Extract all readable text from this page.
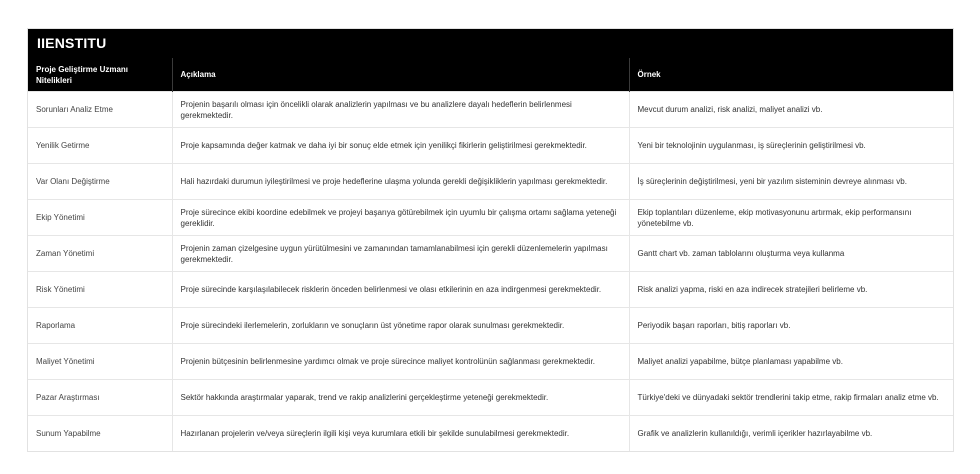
IIENSTITU
Proje Geliştirme Uzmanı Nitelikleri	Açıklama	Örnek
Sorunları Analiz Etme	Projenin başarılı olması için öncelikli olarak analizlerin yapılması ve bu analizlere dayalı hedeflerin belirlenmesi gerekmektedir.	Mevcut durum analizi, risk analizi, maliyet analizi vb.
Yenilik Getirme	Proje kapsamında değer katmak ve daha iyi bir sonuç elde etmek için yenilikçi fikirlerin geliştirilmesi gerekmektedir.	Yeni bir teknolojinin uygulanması, iş süreçlerinin geliştirilmesi vb.
Var Olanı Değiştirme	Hali hazırdaki durumun iyileştirilmesi ve proje hedeflerine ulaşma yolunda gerekli değişikliklerin yapılması gerekmektedir.	İş süreçlerinin değiştirilmesi, yeni bir yazılım sisteminin devreye alınması vb.
Ekip Yönetimi	Proje sürecince ekibi koordine edebilmek ve projeyi başarıya götürebilmek için uyumlu bir çalışma ortamı sağlama yeteneği gereklidir.	Ekip toplantıları düzenleme, ekip motivasyonunu artırmak, ekip performansını yönetebilme vb.
Zaman Yönetimi	Projenin zaman çizelgesine uygun yürütülmesini ve zamanından tamamlanabilmesi için gerekli düzenlemelerin yapılması gerekmektedir.	Gantt chart vb. zaman tablolarını oluşturma veya kullanma
Risk Yönetimi	Proje sürecinde karşılaşılabilecek risklerin önceden belirlenmesi ve olası etkilerinin en aza indirgenmesi gerekmektedir.	Risk analizi yapma, riski en aza indirecek stratejileri belirleme vb.
Raporlama	Proje sürecindeki ilerlemelerin, zorlukların ve sonuçların üst yönetime rapor olarak sunulması gerekmektedir.	Periyodik başarı raporları, bitiş raporları vb.
Maliyet Yönetimi	Projenin bütçesinin belirlenmesine yardımcı olmak ve proje sürecince maliyet kontrolünün sağlanması gerekmektedir.	Maliyet analizi yapabilme, bütçe planlaması yapabilme vb.
Pazar Araştırması	Sektör hakkında araştırmalar yaparak, trend ve rakip analizlerini gerçekleştirme yeteneği gerekmektedir.	Türkiye'deki ve dünyadaki sektör trendlerini takip etme, rakip firmaları analiz etme vb.
Sunum Yapabilme	Hazırlanan projelerin ve/veya süreçlerin ilgili kişi veya kurumlara etkili bir şekilde sunulabilmesi gerekmektedir.	Grafik ve analizlerin kullanıldığı, verimli içerikler hazırlayabilme vb.
